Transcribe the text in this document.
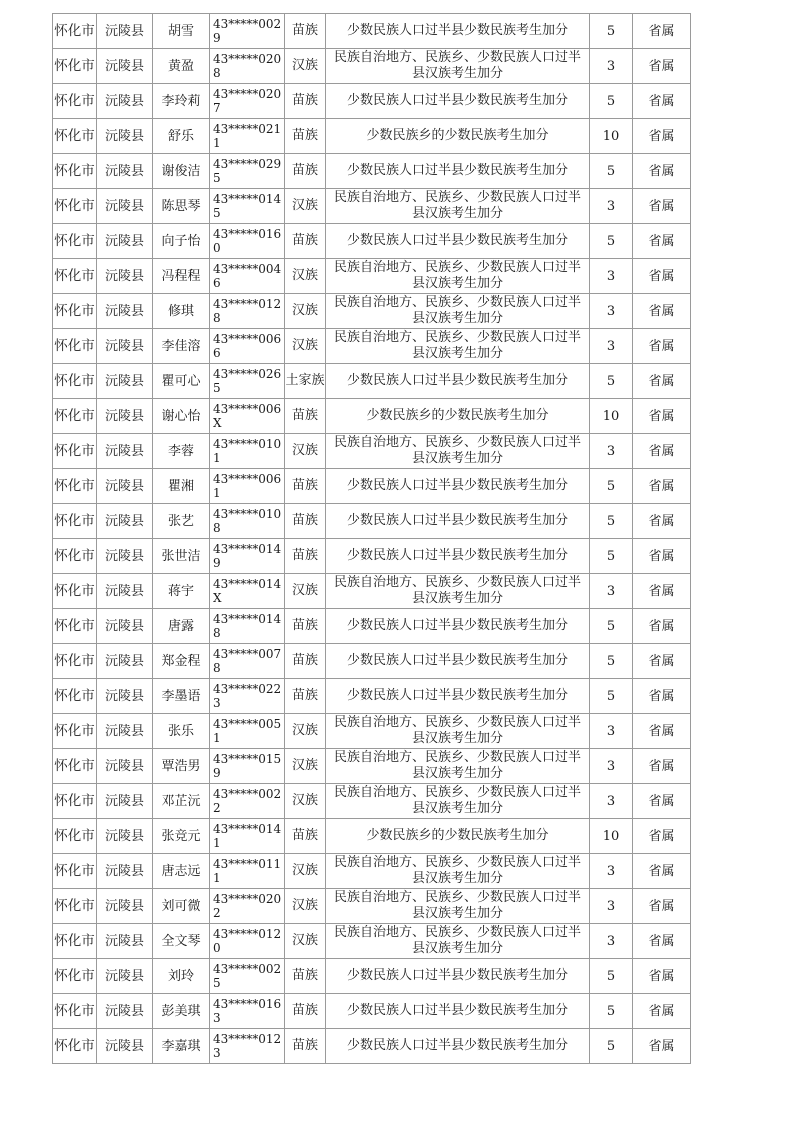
怀化市	沅陵县	胡雪	43*****0029	苗族	少数民族人口过半县少数民族考生加分	5	省属
怀化市	沅陵县	黄盈	43*****0208	汉族	民族自治地方、民族乡、少数民族人口过半县汉族考生加分	3	省属
怀化市	沅陵县	李玲莉	43*****0207	苗族	少数民族人口过半县少数民族考生加分	5	省属
怀化市	沅陵县	舒乐	43*****0211	苗族	少数民族乡的少数民族考生加分	10	省属
怀化市	沅陵县	谢俊洁	43*****0295	苗族	少数民族人口过半县少数民族考生加分	5	省属
怀化市	沅陵县	陈思琴	43*****0145	汉族	民族自治地方、民族乡、少数民族人口过半县汉族考生加分	3	省属
怀化市	沅陵县	向子怡	43*****0160	苗族	少数民族人口过半县少数民族考生加分	5	省属
怀化市	沅陵县	冯程程	43*****0046	汉族	民族自治地方、民族乡、少数民族人口过半县汉族考生加分	3	省属
怀化市	沅陵县	修琪	43*****0128	汉族	民族自治地方、民族乡、少数民族人口过半县汉族考生加分	3	省属
怀化市	沅陵县	李佳溶	43*****0066	汉族	民族自治地方、民族乡、少数民族人口过半县汉族考生加分	3	省属
怀化市	沅陵县	瞿可心	43*****0265	土家族	少数民族人口过半县少数民族考生加分	5	省属
怀化市	沅陵县	谢心怡	43*****006X	苗族	少数民族乡的少数民族考生加分	10	省属
怀化市	沅陵县	李蓉	43*****0101	汉族	民族自治地方、民族乡、少数民族人口过半县汉族考生加分	3	省属
怀化市	沅陵县	瞿湘	43*****0061	苗族	少数民族人口过半县少数民族考生加分	5	省属
怀化市	沅陵县	张艺	43*****0108	苗族	少数民族人口过半县少数民族考生加分	5	省属
怀化市	沅陵县	张世洁	43*****0149	苗族	少数民族人口过半县少数民族考生加分	5	省属
怀化市	沅陵县	蒋宇	43*****014X	汉族	民族自治地方、民族乡、少数民族人口过半县汉族考生加分	3	省属
怀化市	沅陵县	唐露	43*****0148	苗族	少数民族人口过半县少数民族考生加分	5	省属
怀化市	沅陵县	郑金程	43*****0078	苗族	少数民族人口过半县少数民族考生加分	5	省属
怀化市	沅陵县	李墨语	43*****0223	苗族	少数民族人口过半县少数民族考生加分	5	省属
怀化市	沅陵县	张乐	43*****0051	汉族	民族自治地方、民族乡、少数民族人口过半县汉族考生加分	3	省属
怀化市	沅陵县	覃浩男	43*****0159	汉族	民族自治地方、民族乡、少数民族人口过半县汉族考生加分	3	省属
怀化市	沅陵县	邓芷沅	43*****0022	汉族	民族自治地方、民族乡、少数民族人口过半县汉族考生加分	3	省属
怀化市	沅陵县	张竞元	43*****0141	苗族	少数民族乡的少数民族考生加分	10	省属
怀化市	沅陵县	唐志远	43*****0111	汉族	民族自治地方、民族乡、少数民族人口过半县汉族考生加分	3	省属
怀化市	沅陵县	刘可微	43*****0202	汉族	民族自治地方、民族乡、少数民族人口过半县汉族考生加分	3	省属
怀化市	沅陵县	全文琴	43*****0120	汉族	民族自治地方、民族乡、少数民族人口过半县汉族考生加分	3	省属
怀化市	沅陵县	刘玲	43*****0025	苗族	少数民族人口过半县少数民族考生加分	5	省属
怀化市	沅陵县	彭美琪	43*****0163	苗族	少数民族人口过半县少数民族考生加分	5	省属
怀化市	沅陵县	李嘉琪	43*****0123	苗族	少数民族人口过半县少数民族考生加分	5	省属
